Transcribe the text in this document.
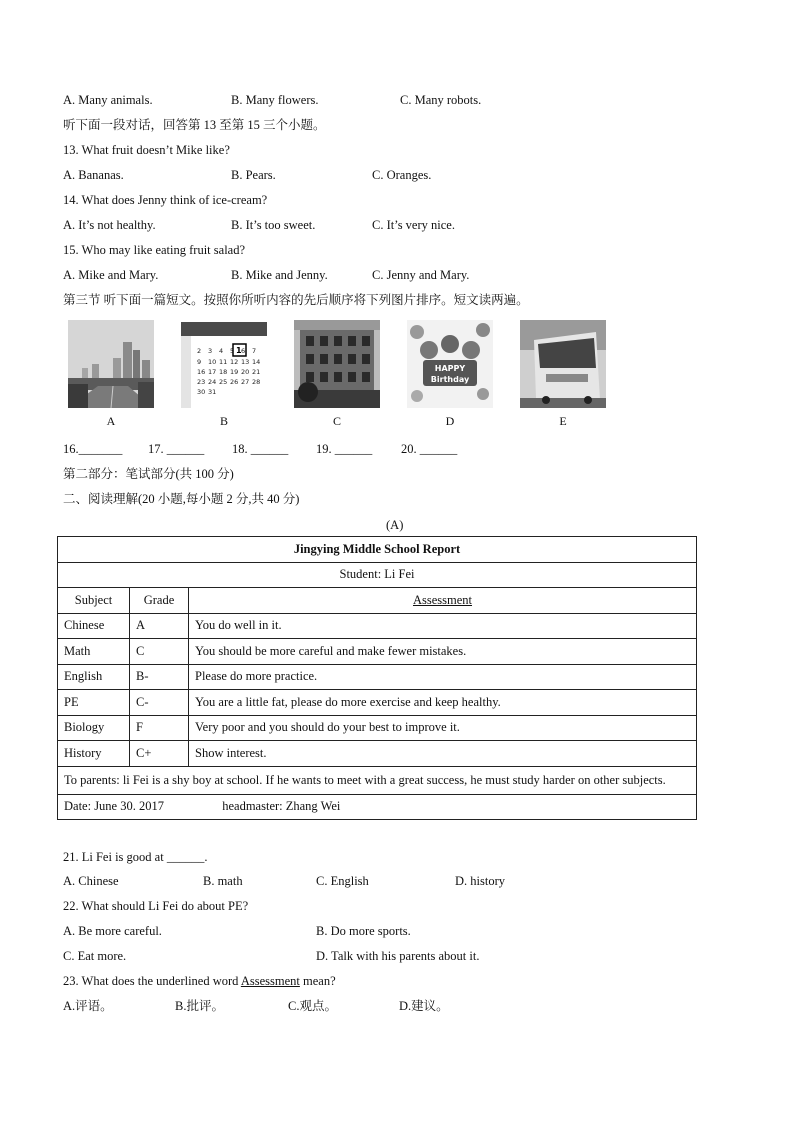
A. Many animals.	B. Many flowers.	C. Many robots.
听下面一段对话，回答第 13 至第 15 三个小题。
13. What fruit doesn’t Mike like?
A. Bananas.	B. Pears.	C. Oranges.
14. What does Jenny think of ice-cream?
A. It’s not healthy.	B. It’s too sweet.	C. It’s very nice.
15. Who may like eating fruit salad?
A. Mike and Mary.	B. Mike and Jenny.	C. Jenny and Mary.
第三节 听下面一篇短文。按照你所听内容的先后顺序将下列图片排序。短文读两遍。
A
2 3 4 5 6 7
9 10 11 12 13 14
16 17 18 19 20 21
23 24 25 26 27 28
30 31
1
B	C
HAPPY
Birthday
D	E
16._______ 17. ______ 18. ______ 19. ______ 20. ______
第二部分：笔试部分(共 100 分)
二、阅读理解(20 小题,每小题 2 分,共 40 分)
(A)
Jingying Middle School Report		
Student: Li Fei		
Subject	Grade	Assessment
Chinese	A	You do well in it.
Math	C	You should be more careful and make fewer mistakes.
English	B-	Please do more practice.
PE	C-	You are a little fat, please do more exercise and keep healthy.
Biology	F	Very poor and you should do your best to improve it.
History	C+	Show interest.
To parents: li Fei is a shy boy at school. If he wants to meet with a great success, he must study harder on other subjects.		
Date: June 30. 2017 headmaster: Zhang Wei		
21. Li Fei is good at ______.
A. Chinese	B. math	C. English	D. history
22. What should Li Fei do about PE?
A. Be more careful.	B. Do more sports.
C. Eat more.	D. Talk with his parents about it.
23. What does the underlined word Assessment mean?
A.评语。	B.批评。	C.观点。	D.建议。
